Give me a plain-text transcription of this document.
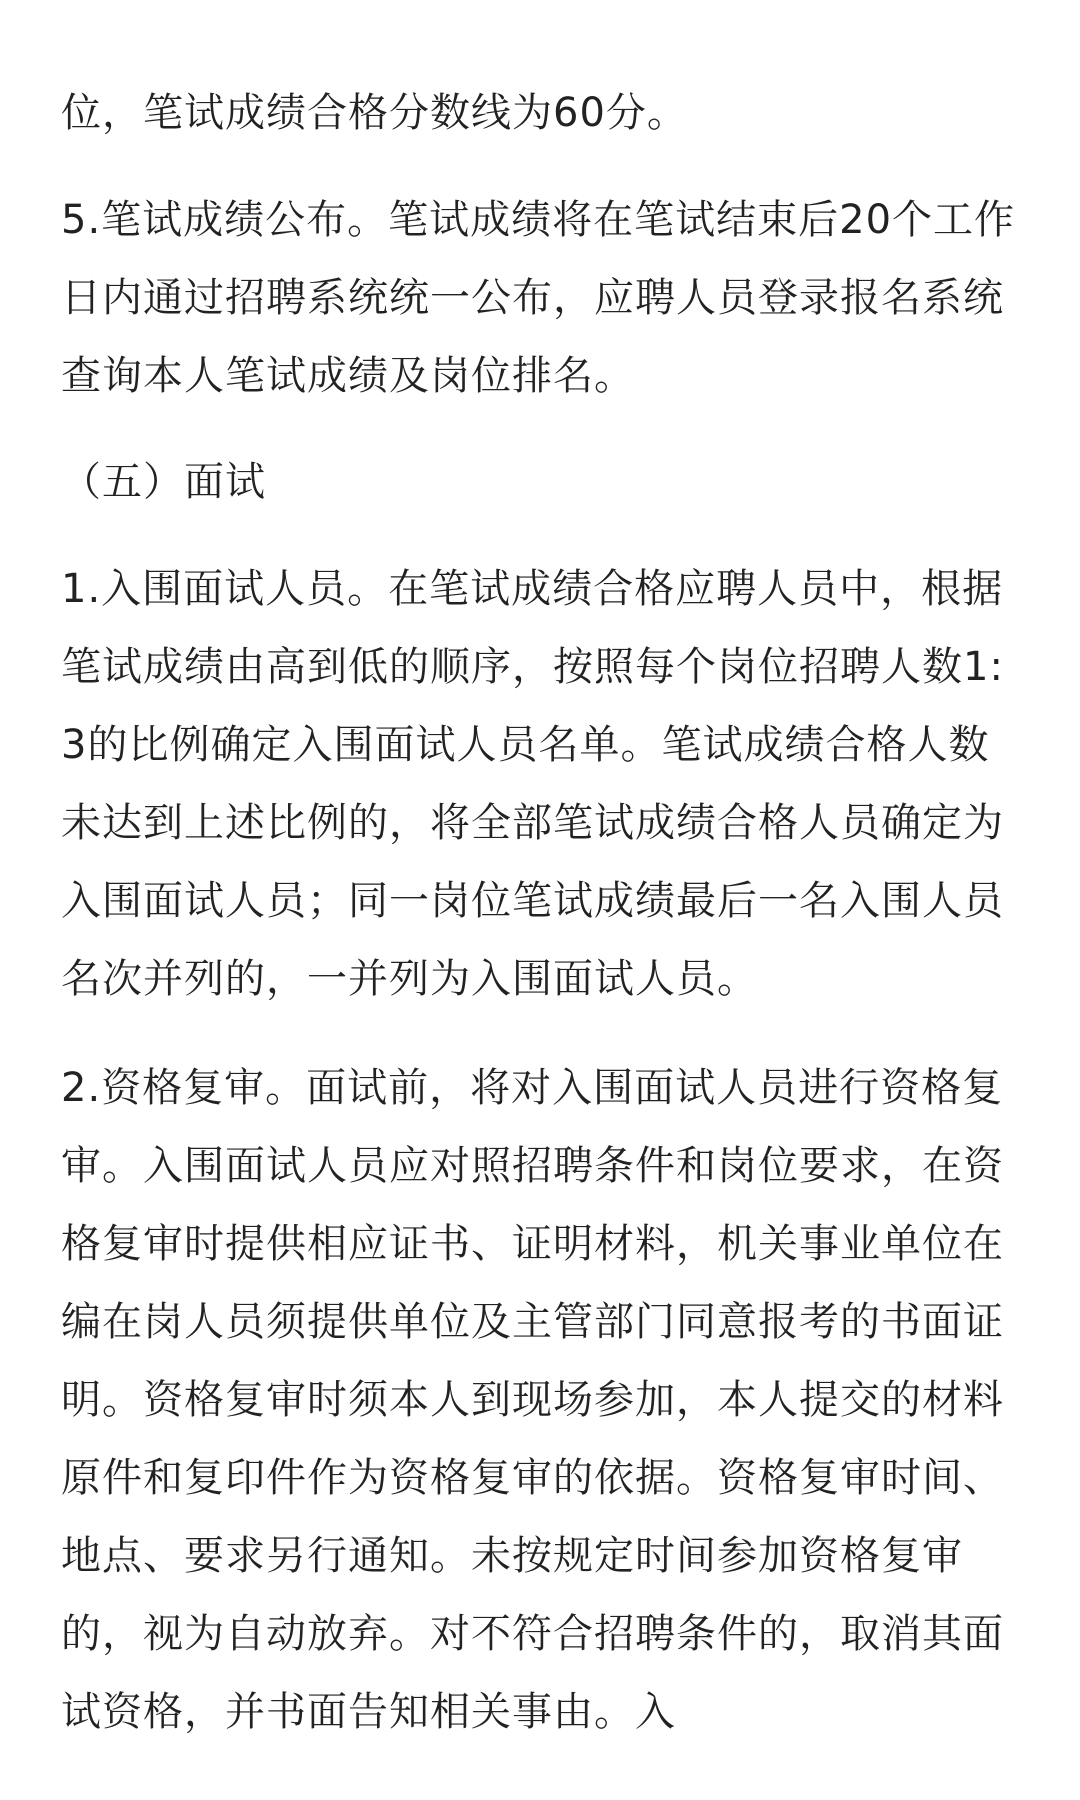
位，笔试成绩合格分数线为60分。

5.笔试成绩公布。笔试成绩将在笔试结束后20个工作日内通过招聘系统统一公布，应聘人员登录报名系统查询本人笔试成绩及岗位排名。

（五）面试

1.入围面试人员。在笔试成绩合格应聘人员中，根据笔试成绩由高到低的顺序，按照每个岗位招聘人数1:3的比例确定入围面试人员名单。笔试成绩合格人数未达到上述比例的，将全部笔试成绩合格人员确定为入围面试人员；同一岗位笔试成绩最后一名入围人员名次并列的，一并列为入围面试人员。

2.资格复审。面试前，将对入围面试人员进行资格复审。入围面试人员应对照招聘条件和岗位要求，在资格复审时提供相应证书、证明材料，机关事业单位在编在岗人员须提供单位及主管部门同意报考的书面证明。资格复审时须本人到现场参加，本人提交的材料原件和复印件作为资格复审的依据。资格复审时间、地点、要求另行通知。未按规定时间参加资格复审的，视为自动放弃。对不符合招聘条件的，取消其面试资格，并书面告知相关事由。入
